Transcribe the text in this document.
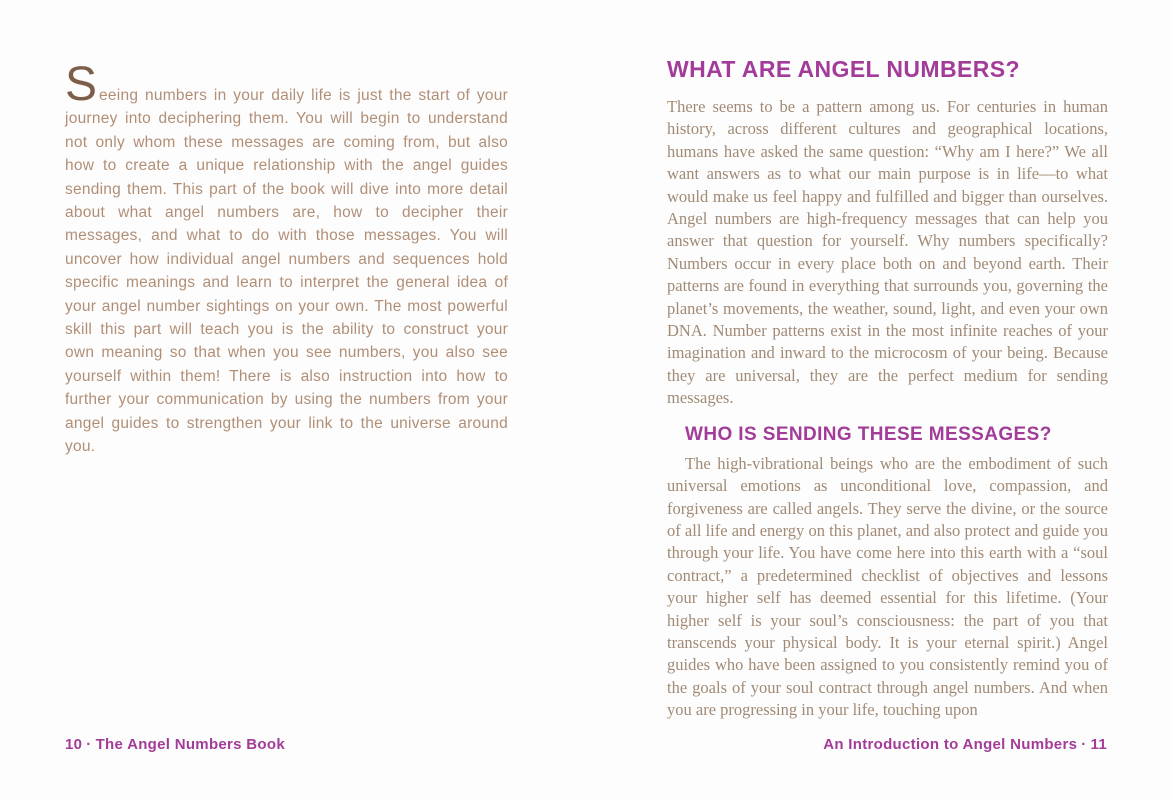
Seeing numbers in your daily life is just the start of your journey into deciphering them. You will begin to understand not only whom these messages are coming from, but also how to create a unique relationship with the angel guides sending them. This part of the book will dive into more detail about what angel numbers are, how to decipher their messages, and what to do with those messages. You will uncover how individual angel numbers and sequences hold specific meanings and learn to interpret the general idea of your angel number sightings on your own. The most powerful skill this part will teach you is the ability to construct your own meaning so that when you see numbers, you also see yourself within them! There is also instruction into how to further your communication by using the numbers from your angel guides to strengthen your link to the universe around you.

WHAT ARE ANGEL NUMBERS?

There seems to be a pattern among us. For centuries in human history, across different cultures and geographical locations, humans have asked the same question: “Why am I here?” We all want answers as to what our main purpose is in life—to what would make us feel happy and fulfilled and bigger than ourselves. Angel numbers are high-frequency messages that can help you answer that question for yourself. Why numbers specifically? Numbers occur in every place both on and beyond earth. Their patterns are found in everything that surrounds you, governing the planet’s movements, the weather, sound, light, and even your own DNA. Number patterns exist in the most infinite reaches of your imagination and inward to the microcosm of your being. Because they are universal, they are the perfect medium for sending messages.

WHO IS SENDING THESE MESSAGES?

The high-vibrational beings who are the embodiment of such universal emotions as unconditional love, compassion, and forgiveness are called angels. They serve the divine, or the source of all life and energy on this planet, and also protect and guide you through your life. You have come here into this earth with a “soul contract,” a predetermined checklist of objectives and lessons your higher self has deemed essential for this lifetime. (Your higher self is your soul’s consciousness: the part of you that transcends your physical body. It is your eternal spirit.) Angel guides who have been assigned to you consistently remind you of the goals of your soul contract through angel numbers. And when you are progressing in your life, touching upon

10 · The Angel Numbers Book	An Introduction to Angel Numbers · 11
